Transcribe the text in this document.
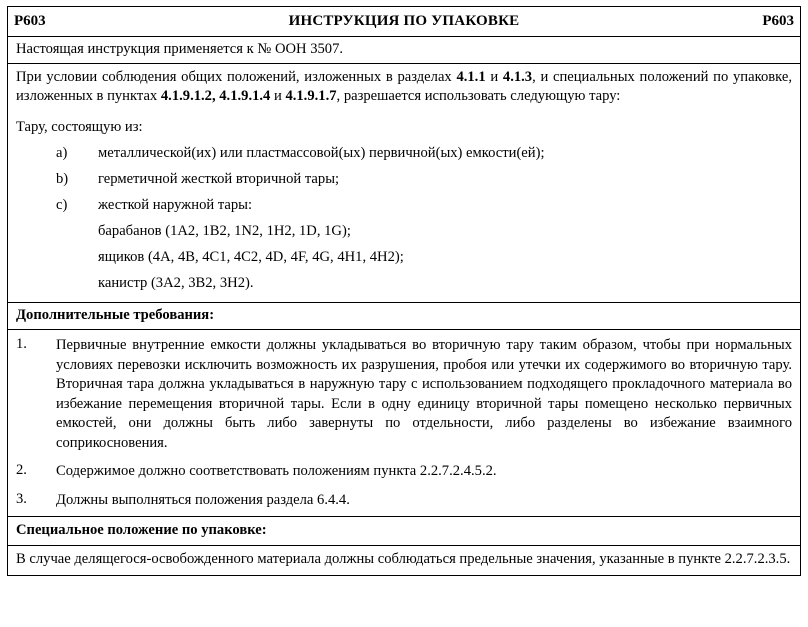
P603	ИНСТРУКЦИЯ ПО УПАКОВКЕ	P603

Настоящая инструкция применяется к № ООН 3507.

При условии соблюдения общих положений, изложенных в разделах 4.1.1 и 4.1.3, и специальных положений по упаковке, изложенных в пунктах 4.1.9.1.2, 4.1.9.1.4 и 4.1.9.1.7, разрешается использовать следующую тару:

Тару, состоящую из:
a)	металлической(их) или пластмассовой(ых) первичной(ых) емкости(ей);
b)	герметичной жесткой вторичной тары;
c)	жесткой наружной тары:
барабанов (1A2, 1B2, 1N2, 1H2, 1D, 1G);
ящиков (4A, 4B, 4C1, 4C2, 4D, 4F, 4G, 4H1, 4H2);
канистр (3A2, 3B2, 3H2).

Дополнительные требования:

1.	Первичные внутренние емкости должны укладываться во вторичную тару таким образом, чтобы при нормальных условиях перевозки исключить возможность их разрушения, пробоя или утечки их содержимого во вторичную тару. Вторичная тара должна укладываться в наружную тару с использованием подходящего прокладочного материала во избежание перемещения вторичной тары. Если в одну единицу вторичной тары помещено несколько первичных емкостей, они должны быть либо завернуты по отдельности, либо разделены во избежание взаимного соприкосновения.
2.	Содержимое должно соответствовать положениям пункта 2.2.7.2.4.5.2.
3.	Должны выполняться положения раздела 6.4.4.

Специальное положение по упаковке:

В случае делящегося-освобожденного материала должны соблюдаться предельные значения, указанные в пункте 2.2.7.2.3.5.
